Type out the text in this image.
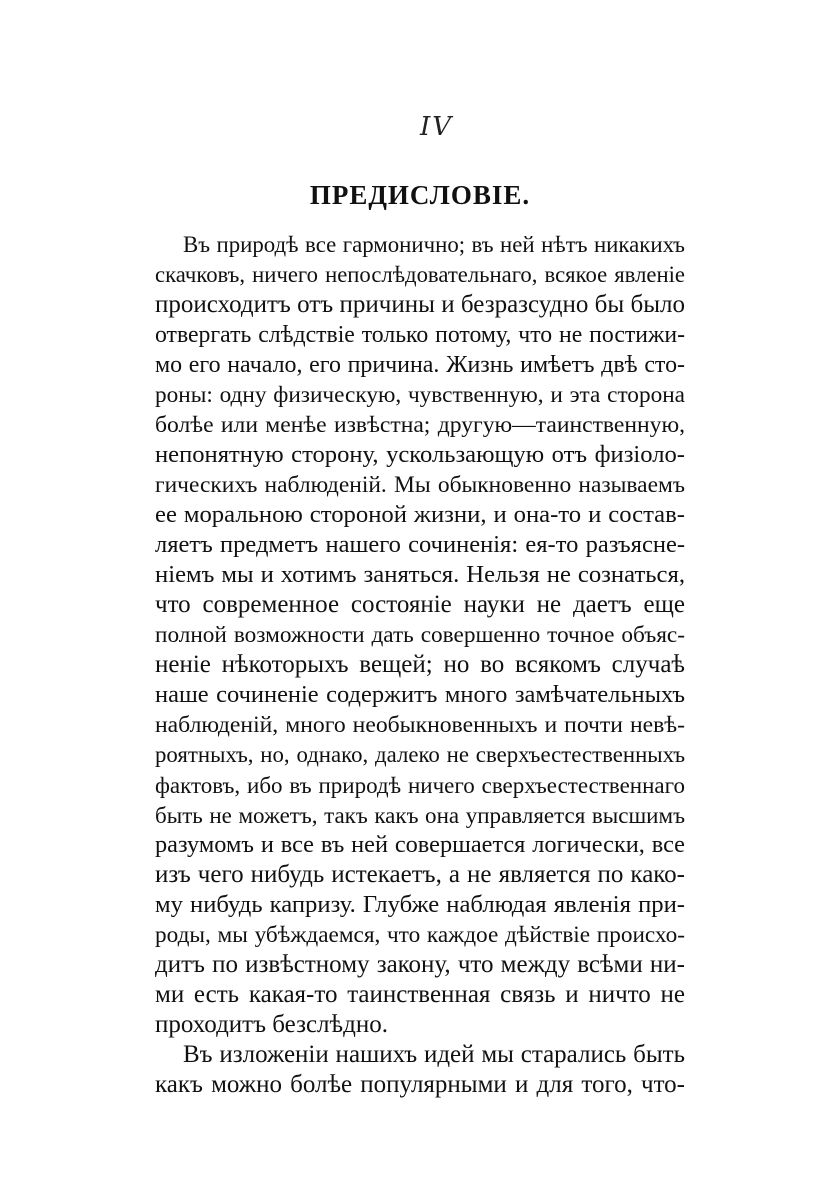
IV
ПРЕДИСЛОВІЕ.
Въ природѣ все гармонично; въ ней нѣтъ никакихъ
скачковъ, ничего непослѣдовательнаго, всякое явленіе
происходитъ отъ причины и безразсудно бы было
отвергать слѣдствіе только потому, что не постижи-
мо его начало, его причина. Жизнь имѣетъ двѣ сто-
роны: одну физическую, чувственную, и эта сторона
болѣе или менѣе извѣстна; другую—таинственную,
непонятную сторону, ускользающую отъ физіоло-
гическихъ наблюденій. Мы обыкновенно называемъ
ее моральною стороной жизни, и она-то и состав-
ляетъ предметъ нашего сочиненія: ея-то разъясне-
ніемъ мы и хотимъ заняться. Нельзя не сознаться,
что современное состояніе науки не даетъ еще
полной возможности дать совершенно точное объяс-
неніе нѣкоторыхъ вещей; но во всякомъ случаѣ
наше сочиненіе содержитъ много замѣчательныхъ
наблюденій, много необыкновенныхъ и почти невѣ-
роятныхъ, но, однако, далеко не сверхъестественныхъ
фактовъ, ибо въ природѣ ничего сверхъестественнаго
быть не можетъ, такъ какъ она управляется высшимъ
разумомъ и все въ ней совершается логически, все
изъ чего нибудь истекаетъ, а не является по како-
му нибудь капризу. Глубже наблюдая явленія при-
роды, мы убѣждаемся, что каждое дѣйствіе происхо-
дитъ по извѣстному закону, что между всѣми ни-
ми есть какая-то таинственная связь и ничто не
проходитъ безслѣдно.
Въ изложеніи нашихъ идей мы старались быть
какъ можно болѣе популярными и для того, что-
